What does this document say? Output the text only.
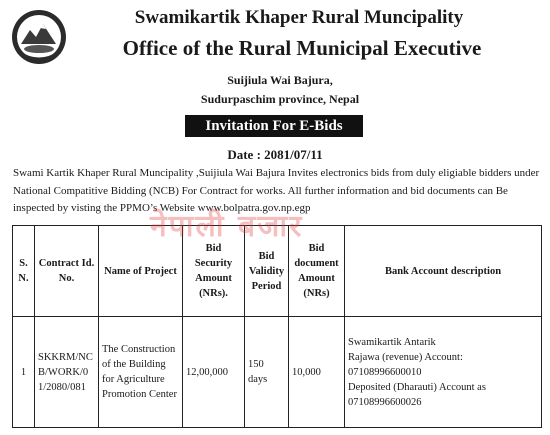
Swamikartik Khaper Rural Muncipality
Office of the Rural Municipal Executive
Suijiula Wai Bajura,
Sudurpaschim province, Nepal
Invitation For E-Bids
Date : 2081/07/11
Swami Kartik Khaper Rural Muncipality ,Suijiula Wai Bajura Invites electronics bids from duly eligiable bidders under National Compatitive Bidding (NCB) For Contract for works. All further information and bid documents can Be inspected by visting the PPMO’s Website www.bolpatra.gov.np.egp
S. N.	Contract Id. No.	Name of Project	Bid Security Amount (NRs).	Bid Validity Period	Bid document Amount (NRs)	Bank Account description
1	SKKRM/NCB/WORK/01/2080/081	The Construction of the Building for Agriculture Promotion Center	12,00,000	150 days	10,000	Swamikartik Antarik
Rajawa (revenue) Account:
07108996600010
Deposited (Dharauti) Account as
07108996600026
नेपाली बजार
